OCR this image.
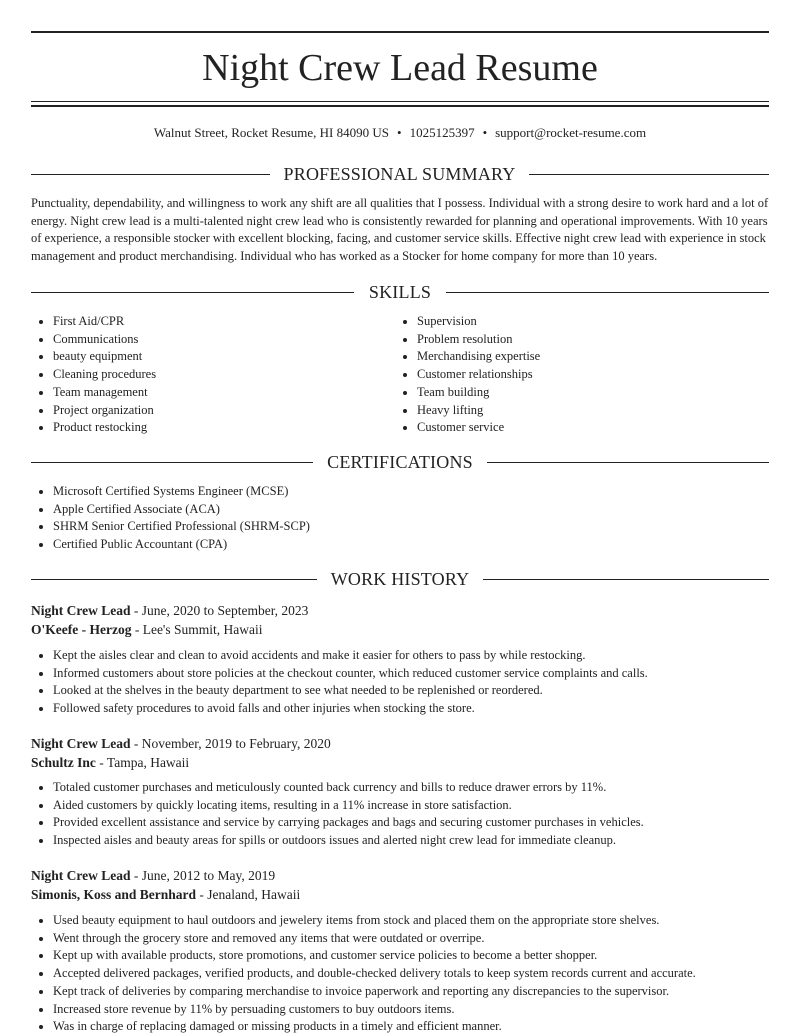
Night Crew Lead Resume
Walnut Street, Rocket Resume, HI 84090 US • 1025125397 • support@rocket-resume.com
PROFESSIONAL SUMMARY
Punctuality, dependability, and willingness to work any shift are all qualities that I possess. Individual with a strong desire to work hard and a lot of energy. Night crew lead is a multi-talented night crew lead who is consistently rewarded for planning and operational improvements. With 10 years of experience, a responsible stocker with excellent blocking, facing, and customer service skills. Effective night crew lead with experience in stock management and product merchandising. Individual who has worked as a Stocker for home company for more than 10 years.
SKILLS
First Aid/CPR
Communications
beauty equipment
Cleaning procedures
Team management
Project organization
Product restocking
Supervision
Problem resolution
Merchandising expertise
Customer relationships
Team building
Heavy lifting
Customer service
CERTIFICATIONS
Microsoft Certified Systems Engineer (MCSE)
Apple Certified Associate (ACA)
SHRM Senior Certified Professional (SHRM-SCP)
Certified Public Accountant (CPA)
WORK HISTORY
Night Crew Lead - June, 2020 to September, 2023
O'Keefe - Herzog - Lee's Summit, Hawaii
Kept the aisles clear and clean to avoid accidents and make it easier for others to pass by while restocking.
Informed customers about store policies at the checkout counter, which reduced customer service complaints and calls.
Looked at the shelves in the beauty department to see what needed to be replenished or reordered.
Followed safety procedures to avoid falls and other injuries when stocking the store.
Night Crew Lead - November, 2019 to February, 2020
Schultz Inc - Tampa, Hawaii
Totaled customer purchases and meticulously counted back currency and bills to reduce drawer errors by 11%.
Aided customers by quickly locating items, resulting in a 11% increase in store satisfaction.
Provided excellent assistance and service by carrying packages and bags and securing customer purchases in vehicles.
Inspected aisles and beauty areas for spills or outdoors issues and alerted night crew lead for immediate cleanup.
Night Crew Lead - June, 2012 to May, 2019
Simonis, Koss and Bernhard - Jenaland, Hawaii
Used beauty equipment to haul outdoors and jewelery items from stock and placed them on the appropriate store shelves.
Went through the grocery store and removed any items that were outdated or overripe.
Kept up with available products, store promotions, and customer service policies to become a better shopper.
Accepted delivered packages, verified products, and double-checked delivery totals to keep system records current and accurate.
Kept track of deliveries by comparing merchandise to invoice paperwork and reporting any discrepancies to the supervisor.
Increased store revenue by 11% by persuading customers to buy outdoors items.
Was in charge of replacing damaged or missing products in a timely and efficient manner.
